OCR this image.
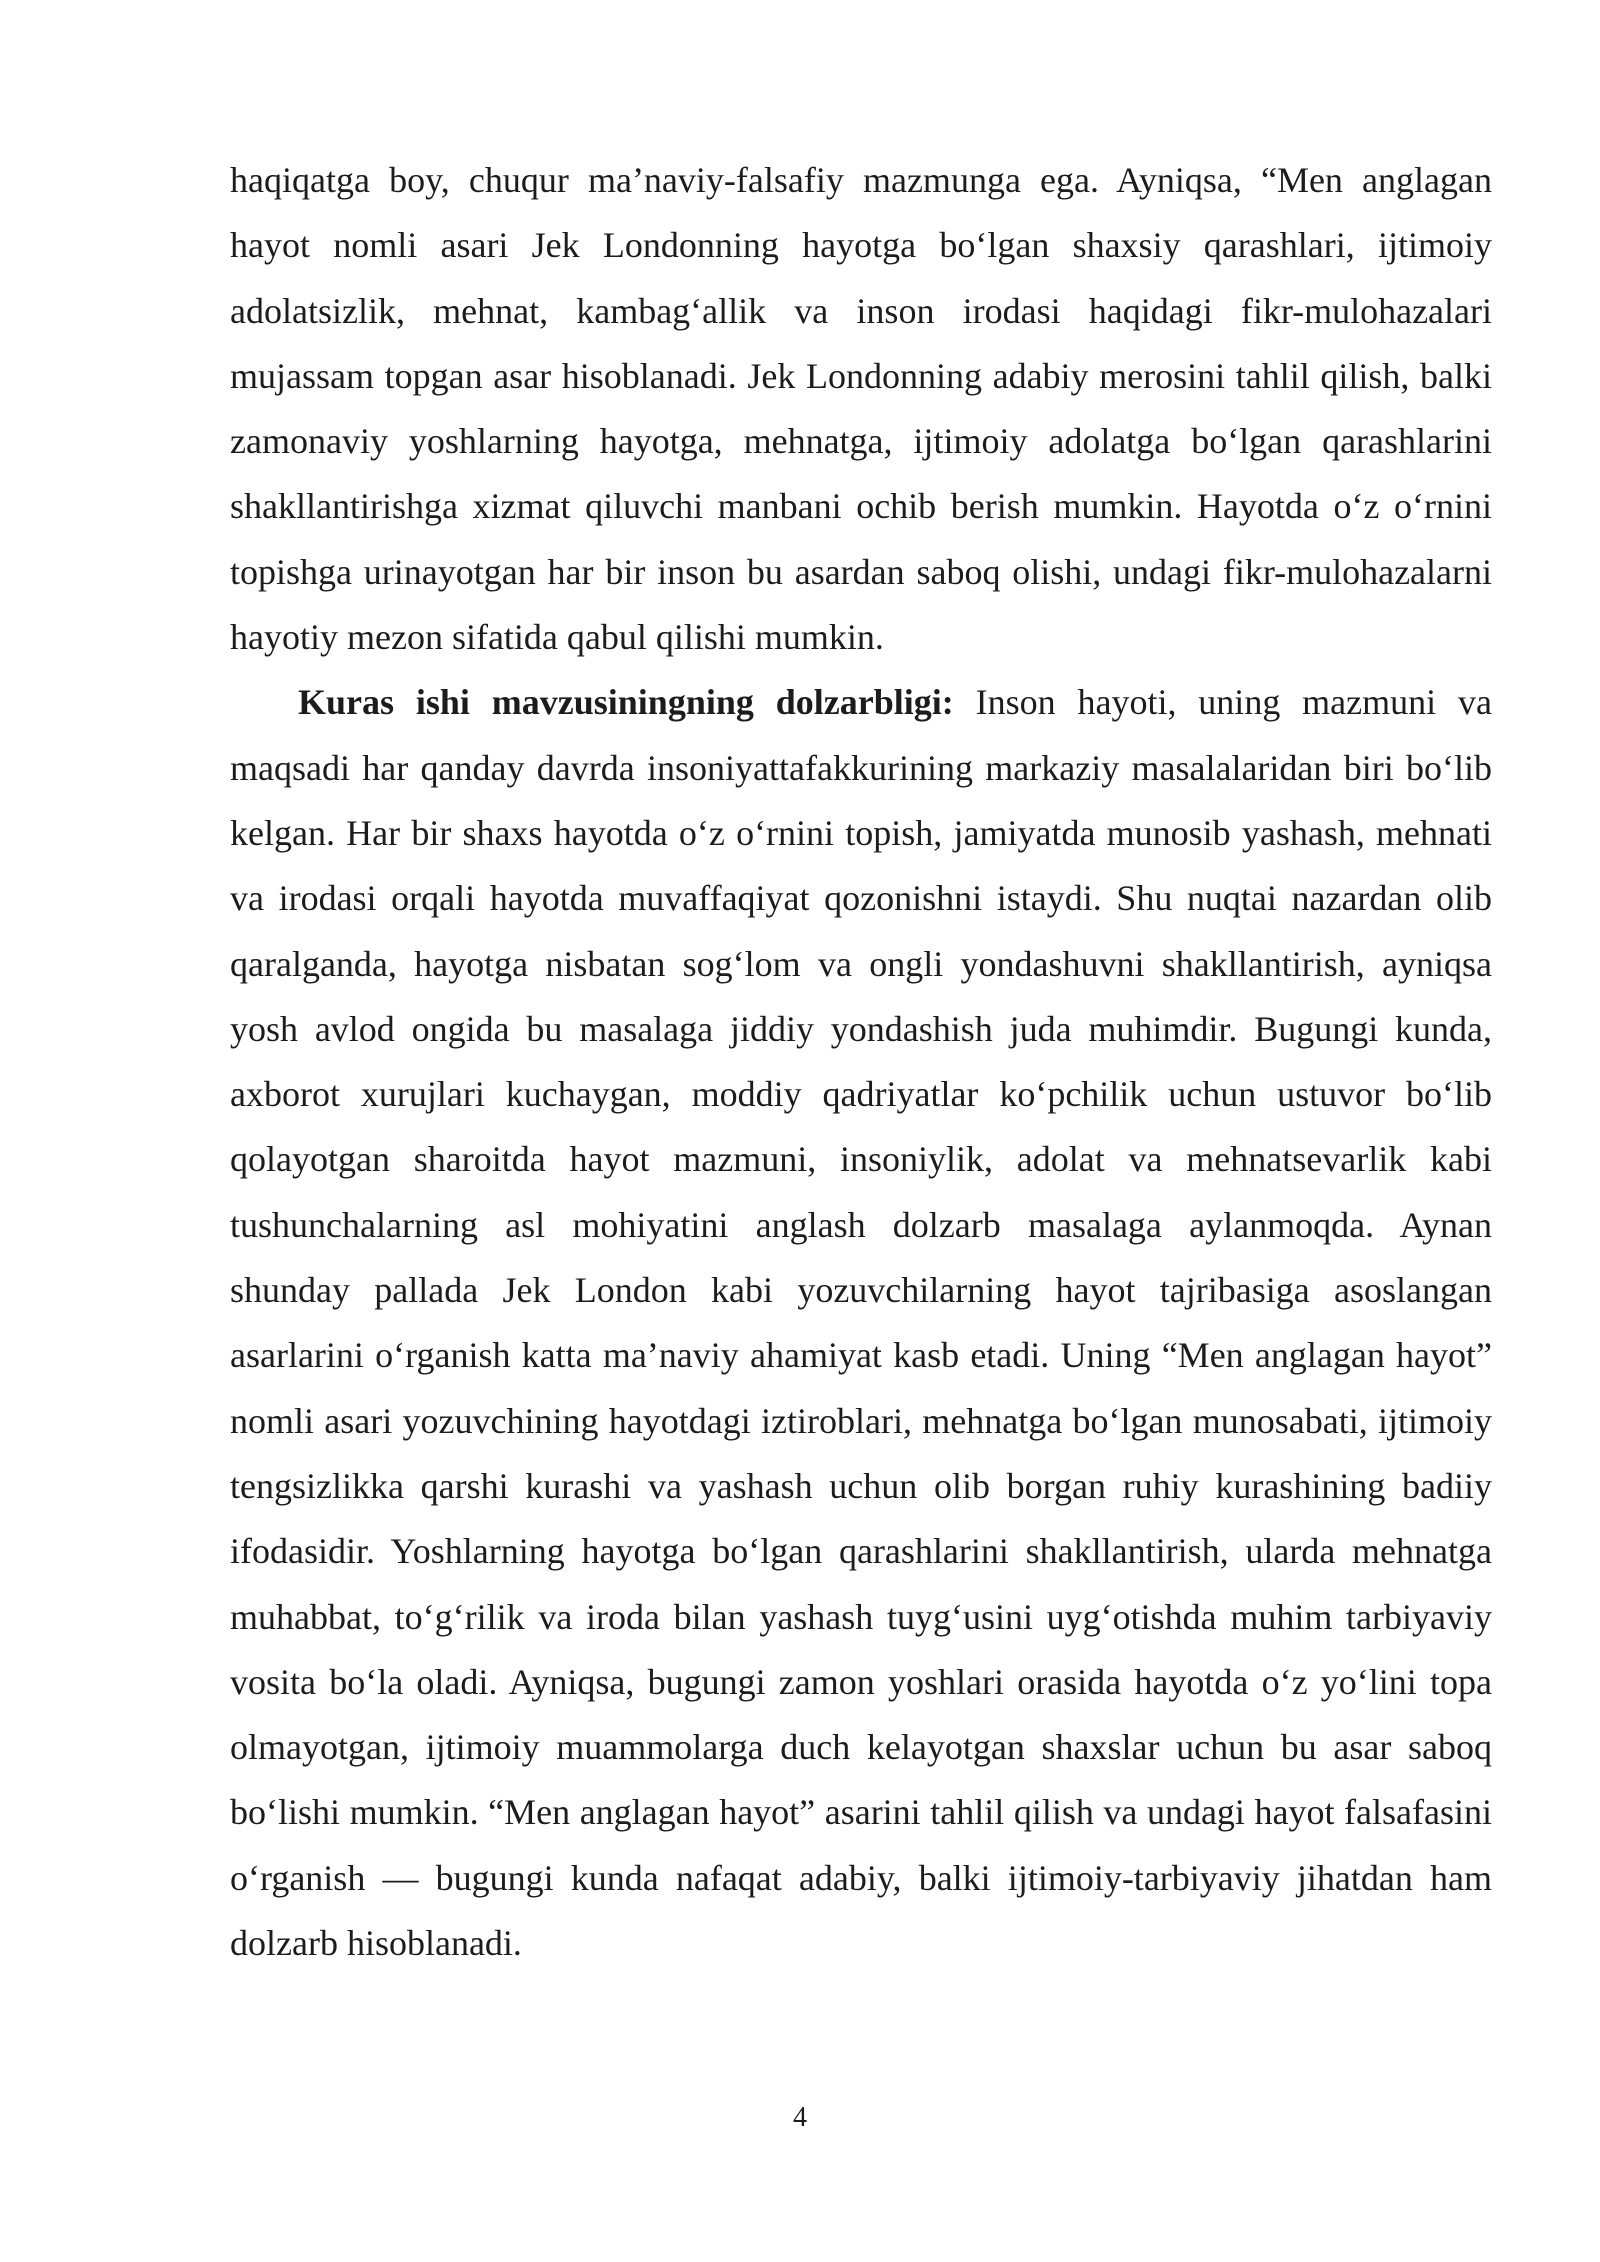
haqiqatga boy, chuqur ma’naviy-falsafiy mazmunga ega. Ayniqsa, “Men anglagan hayot nomli asari Jek Londonning hayotga bo‘lgan shaxsiy qarashlari, ijtimoiy adolatsizlik, mehnat, kambag‘allik va inson irodasi haqidagi fikr-mulohazalari mujassam topgan asar hisoblanadi. Jek Londonning adabiy merosini tahlil qilish, balki zamonaviy yoshlarning hayotga, mehnatga, ijtimoiy adolatga bo‘lgan qarashlarini shakllantirishga xizmat qiluvchi manbani ochib berish mumkin. Hayotda o‘z o‘rnini topishga urinayotgan har bir inson bu asardan saboq olishi, undagi fikr-mulohazalarni hayotiy mezon sifatida qabul qilishi mumkin.

Kuras ishi mavzusiningning dolzarbligi: Inson hayoti, uning mazmuni va maqsadi har qanday davrda insoniyattafakkurining markaziy masalalaridan biri bo‘lib kelgan. Har bir shaxs hayotda o‘z o‘rnini topish, jamiyatda munosib yashash, mehnati va irodasi orqali hayotda muvaffaqiyat qozonishni istaydi. Shu nuqtai nazardan olib qaralganda, hayotga nisbatan sog‘lom va ongli yondashuvni shakllantirish, ayniqsa yosh avlod ongida bu masalaga jiddiy yondashish juda muhimdir. Bugungi kunda, axborot xurujlari kuchaygan, moddiy qadriyatlar ko‘pchilik uchun ustuvor bo‘lib qolayotgan sharoitda hayot mazmuni, insoniylik, adolat va mehnatsevarlik kabi tushunchalarning asl mohiyatini anglash dolzarb masalaga aylanmoqda. Aynan shunday pallada Jek London kabi yozuvchilarning hayot tajribasiga asoslangan asarlarini o‘rganish katta ma’naviy ahamiyat kasb etadi. Uning “Men anglagan hayot” nomli asari yozuvchining hayotdagi iztiroblari, mehnatga bo‘lgan munosabati, ijtimoiy tengsizlikka qarshi kurashi va yashash uchun olib borgan ruhiy kurashining badiiy ifodasidir. Yoshlarning hayotga bo‘lgan qarashlarini shakllantirish, ularda mehnatga muhabbat, to‘g‘rilik va iroda bilan yashash tuyg‘usini uyg‘otishda muhim tarbiyaviy vosita bo‘la oladi. Ayniqsa, bugungi zamon yoshlari orasida hayotda o‘z yo‘lini topa olmayotgan, ijtimoiy muammolarga duch kelayotgan shaxslar uchun bu asar saboq bo‘lishi mumkin. “Men anglagan hayot” asarini tahlil qilish va undagi hayot falsafasini o‘rganish — bugungi kunda nafaqat adabiy, balki ijtimoiy-tarbiyaviy jihatdan ham dolzarb hisoblanadi.

4
